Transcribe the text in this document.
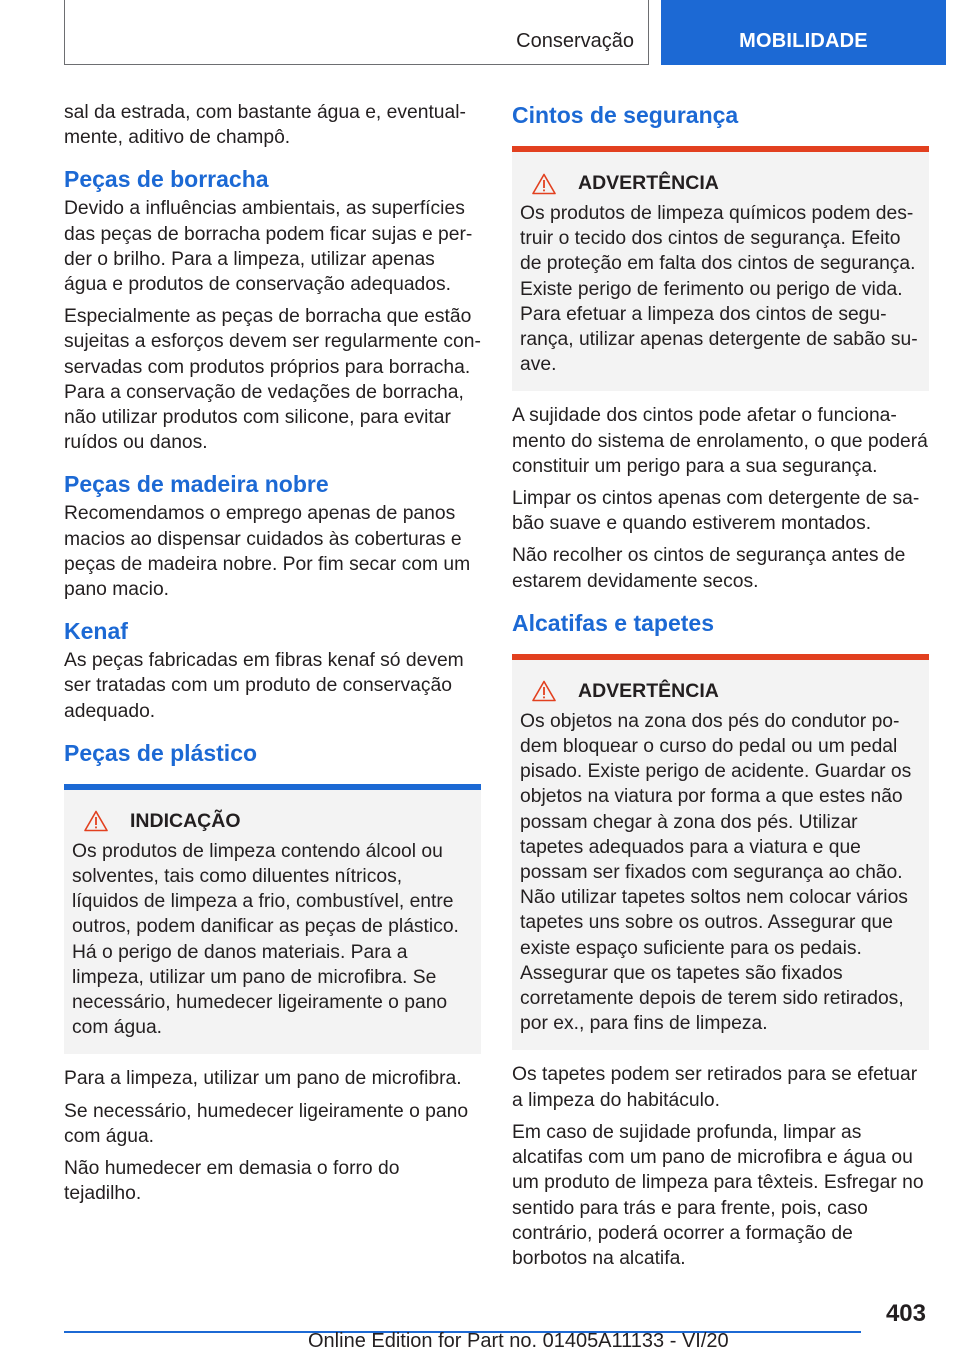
Conservação	MOBILIDADE

sal da estrada, com bastante água e, eventualmente, aditivo de champô.

Peças de borracha

Devido a influências ambientais, as superfícies das peças de borracha podem ficar sujas e perder o brilho. Para a limpeza, utilizar apenas água e produtos de conservação adequados.

Especialmente as peças de borracha que estão sujeitas a esforços devem ser regularmente conservadas com produtos próprios para borracha. Para a conservação de vedações de borracha, não utilizar produtos com silicone, para evitar ruídos ou danos.

Peças de madeira nobre

Recomendamos o emprego apenas de panos macios ao dispensar cuidados às coberturas e peças de madeira nobre. Por fim secar com um pano macio.

Kenaf

As peças fabricadas em fibras kenaf só devem ser tratadas com um produto de conservação adequado.

Peças de plástico
INDICAÇÃO

Os produtos de limpeza contendo álcool ou solventes, tais como diluentes nítricos, líquidos de limpeza a frio, combustível, entre outros, podem danificar as peças de plástico. Há o perigo de danos materiais. Para a limpeza, utilizar um pano de microfibra. Se necessário, humedecer ligeiramente o pano com água.

Para a limpeza, utilizar um pano de microfibra.

Se necessário, humedecer ligeiramente o pano com água.

Não humedecer em demasia o forro do tejadilho.

Cintos de segurança
ADVERTÊNCIA

Os produtos de limpeza químicos podem destruir o tecido dos cintos de segurança. Efeito de proteção em falta dos cintos de segurança. Existe perigo de ferimento ou perigo de vida. Para efetuar a limpeza dos cintos de segurança, utilizar apenas detergente de sabão suave.

A sujidade dos cintos pode afetar o funcionamento do sistema de enrolamento, o que poderá constituir um perigo para a sua segurança.

Limpar os cintos apenas com detergente de sabão suave e quando estiverem montados.

Não recolher os cintos de segurança antes de estarem devidamente secos.

Alcatifas e tapetes
ADVERTÊNCIA

Os objetos na zona dos pés do condutor podem bloquear o curso do pedal ou um pedal pisado. Existe perigo de acidente. Guardar os objetos na viatura por forma a que estes não possam chegar à zona dos pés. Utilizar tapetes adequados para a viatura e que possam ser fixados com segurança ao chão. Não utilizar tapetes soltos nem colocar vários tapetes uns sobre os outros. Assegurar que existe espaço suficiente para os pedais. Assegurar que os tapetes são fixados corretamente depois de terem sido retirados, por ex., para fins de limpeza.

Os tapetes podem ser retirados para se efetuar a limpeza do habitáculo.

Em caso de sujidade profunda, limpar as alcatifas com um pano de microfibra e água ou um produto de limpeza para têxteis. Esfregar no sentido para trás e para frente, pois, caso contrário, poderá ocorrer a formação de borbotos na alcatifa.

403
Online Edition for Part no. 01405A11133 - VI/20
